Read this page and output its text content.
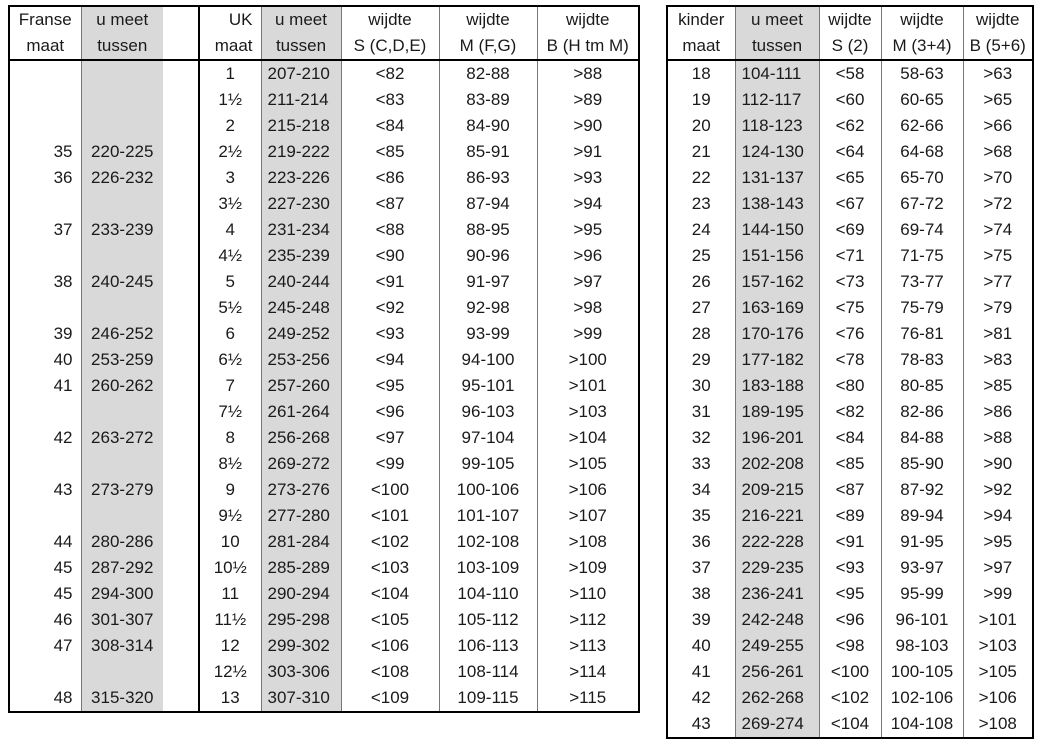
Franse	u meet		UK	u meet	wijdte	wijdte	wijdte
maat	tussen		maat	tussen	S (C,D,E)	M (F,G)	B (H tm M)
			1	207-210	<82	82-88	>88
			1½	211-214	<83	83-89	>89
			2	215-218	<84	84-90	>90
35	220-225		2½	219-222	<85	85-91	>91
36	226-232		3	223-226	<86	86-93	>93
			3½	227-230	<87	87-94	>94
37	233-239		4	231-234	<88	88-95	>95
			4½	235-239	<90	90-96	>96
38	240-245		5	240-244	<91	91-97	>97
			5½	245-248	<92	92-98	>98
39	246-252		6	249-252	<93	93-99	>99
40	253-259		6½	253-256	<94	94-100	>100
41	260-262		7	257-260	<95	95-101	>101
			7½	261-264	<96	96-103	>103
42	263-272		8	256-268	<97	97-104	>104
			8½	269-272	<99	99-105	>105
43	273-279		9	273-276	<100	100-106	>106
			9½	277-280	<101	101-107	>107
44	280-286		10	281-284	<102	102-108	>108
45	287-292		10½	285-289	<103	103-109	>109
45	294-300		11	290-294	<104	104-110	>110
46	301-307		11½	295-298	<105	105-112	>112
47	308-314		12	299-302	<106	106-113	>113
			12½	303-306	<108	108-114	>114
48	315-320		13	307-310	<109	109-115	>115
kinder	u meet	wijdte	wijdte	wijdte
maat	tussen	S (2)	M (3+4)	B (5+6)
18	104-111	<58	58-63	>63
19	112-117	<60	60-65	>65
20	118-123	<62	62-66	>66
21	124-130	<64	64-68	>68
22	131-137	<65	65-70	>70
23	138-143	<67	67-72	>72
24	144-150	<69	69-74	>74
25	151-156	<71	71-75	>75
26	157-162	<73	73-77	>77
27	163-169	<75	75-79	>79
28	170-176	<76	76-81	>81
29	177-182	<78	78-83	>83
30	183-188	<80	80-85	>85
31	189-195	<82	82-86	>86
32	196-201	<84	84-88	>88
33	202-208	<85	85-90	>90
34	209-215	<87	87-92	>92
35	216-221	<89	89-94	>94
36	222-228	<91	91-95	>95
37	229-235	<93	93-97	>97
38	236-241	<95	95-99	>99
39	242-248	<96	96-101	>101
40	249-255	<98	98-103	>103
41	256-261	<100	100-105	>105
42	262-268	<102	102-106	>106
43	269-274	<104	104-108	>108
